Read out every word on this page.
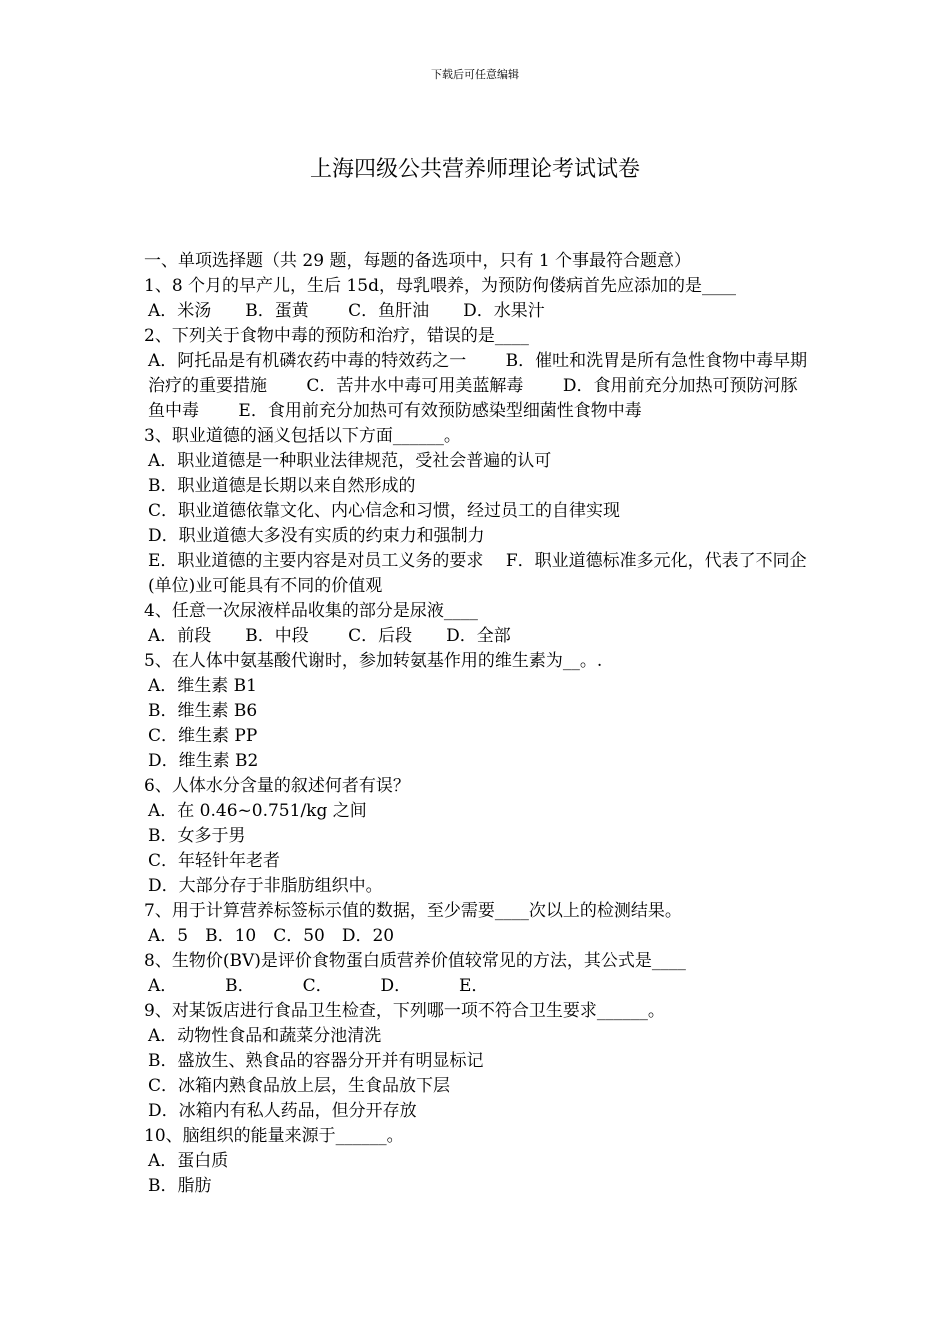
下载后可任意编辑
上海四级公共营养师理论考试试卷
一、单项选择题（共 29 题，每题的备选项中，只有 1 个事最符合题意）
1、8 个月的早产儿，生后 15d，母乳喂养，为预防佝偻病首先应添加的是____
A．米汤　　B．蛋黄　　 C．鱼肝油　　D．水果汁
2、下列关于食物中毒的预防和治疗，错误的是____
A．阿托品是有机磷农药中毒的特效药之一　　 B．催吐和洗胃是所有急性食物中毒早期治疗的重要措施　　 C．苦井水中毒可用美蓝解毒　　 D．食用前充分加热可预防河豚鱼中毒　　 E．食用前充分加热可有效预防感染型细菌性食物中毒
3、职业道德的涵义包括以下方面______。
A．职业道德是一种职业法律规范，受社会普遍的认可
B．职业道德是长期以来自然形成的
C．职业道德依靠文化、内心信念和习惯，经过员工的自律实现
D．职业道德大多没有实质的约束力和强制力
E．职业道德的主要内容是对员工义务的要求　 F．职业道德标准多元化，代表了不同企(单位)业可能具有不同的价值观
4、任意一次尿液样品收集的部分是尿液____
A．前段　　B．中段　　 C．后段　　D．全部
5、在人体中氨基酸代谢时，参加转氨基作用的维生素为__。.
A．维生素 B1
B．维生素 B6
C．维生素 PP
D．维生素 B2
6、人体水分含量的叙述何者有误？
A．在 0.46~0.751/kg 之间
B．女多于男
C．年轻针年老者
D．大部分存于非脂肪组织中。
7、用于计算营养标签标示值的数据，至少需要____次以上的检测结果。
A．5　B．10　C．50　D．20
8、生物价(BV)是评价食物蛋白质营养价值较常见的方法，其公式是____
A．　　　 B．　　　 C．　　　 D．　　　 E．
9、对某饭店进行食品卫生检查，下列哪一项不符合卫生要求______。
A．动物性食品和蔬菜分池清洗
B．盛放生、熟食品的容器分开并有明显标记
C．冰箱内熟食品放上层，生食品放下层
D．冰箱内有私人药品，但分开存放
10、脑组织的能量来源于______。
A．蛋白质
B．脂肪
